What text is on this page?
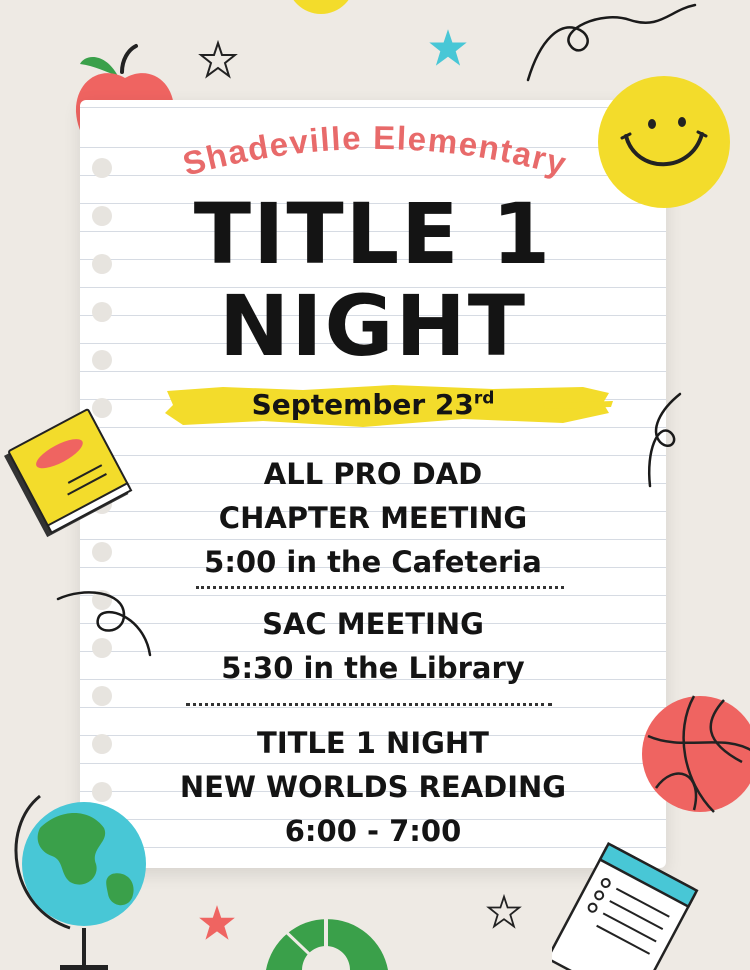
Shadeville Elementary
TITLE 1
NIGHT
September 23rd
ALL PRO DAD
CHAPTER MEETING
5:00 in the Cafeteria
SAC MEETING
5:30 in the Library
TITLE 1 NIGHT
NEW WORLDS READING
6:00 - 7:00
